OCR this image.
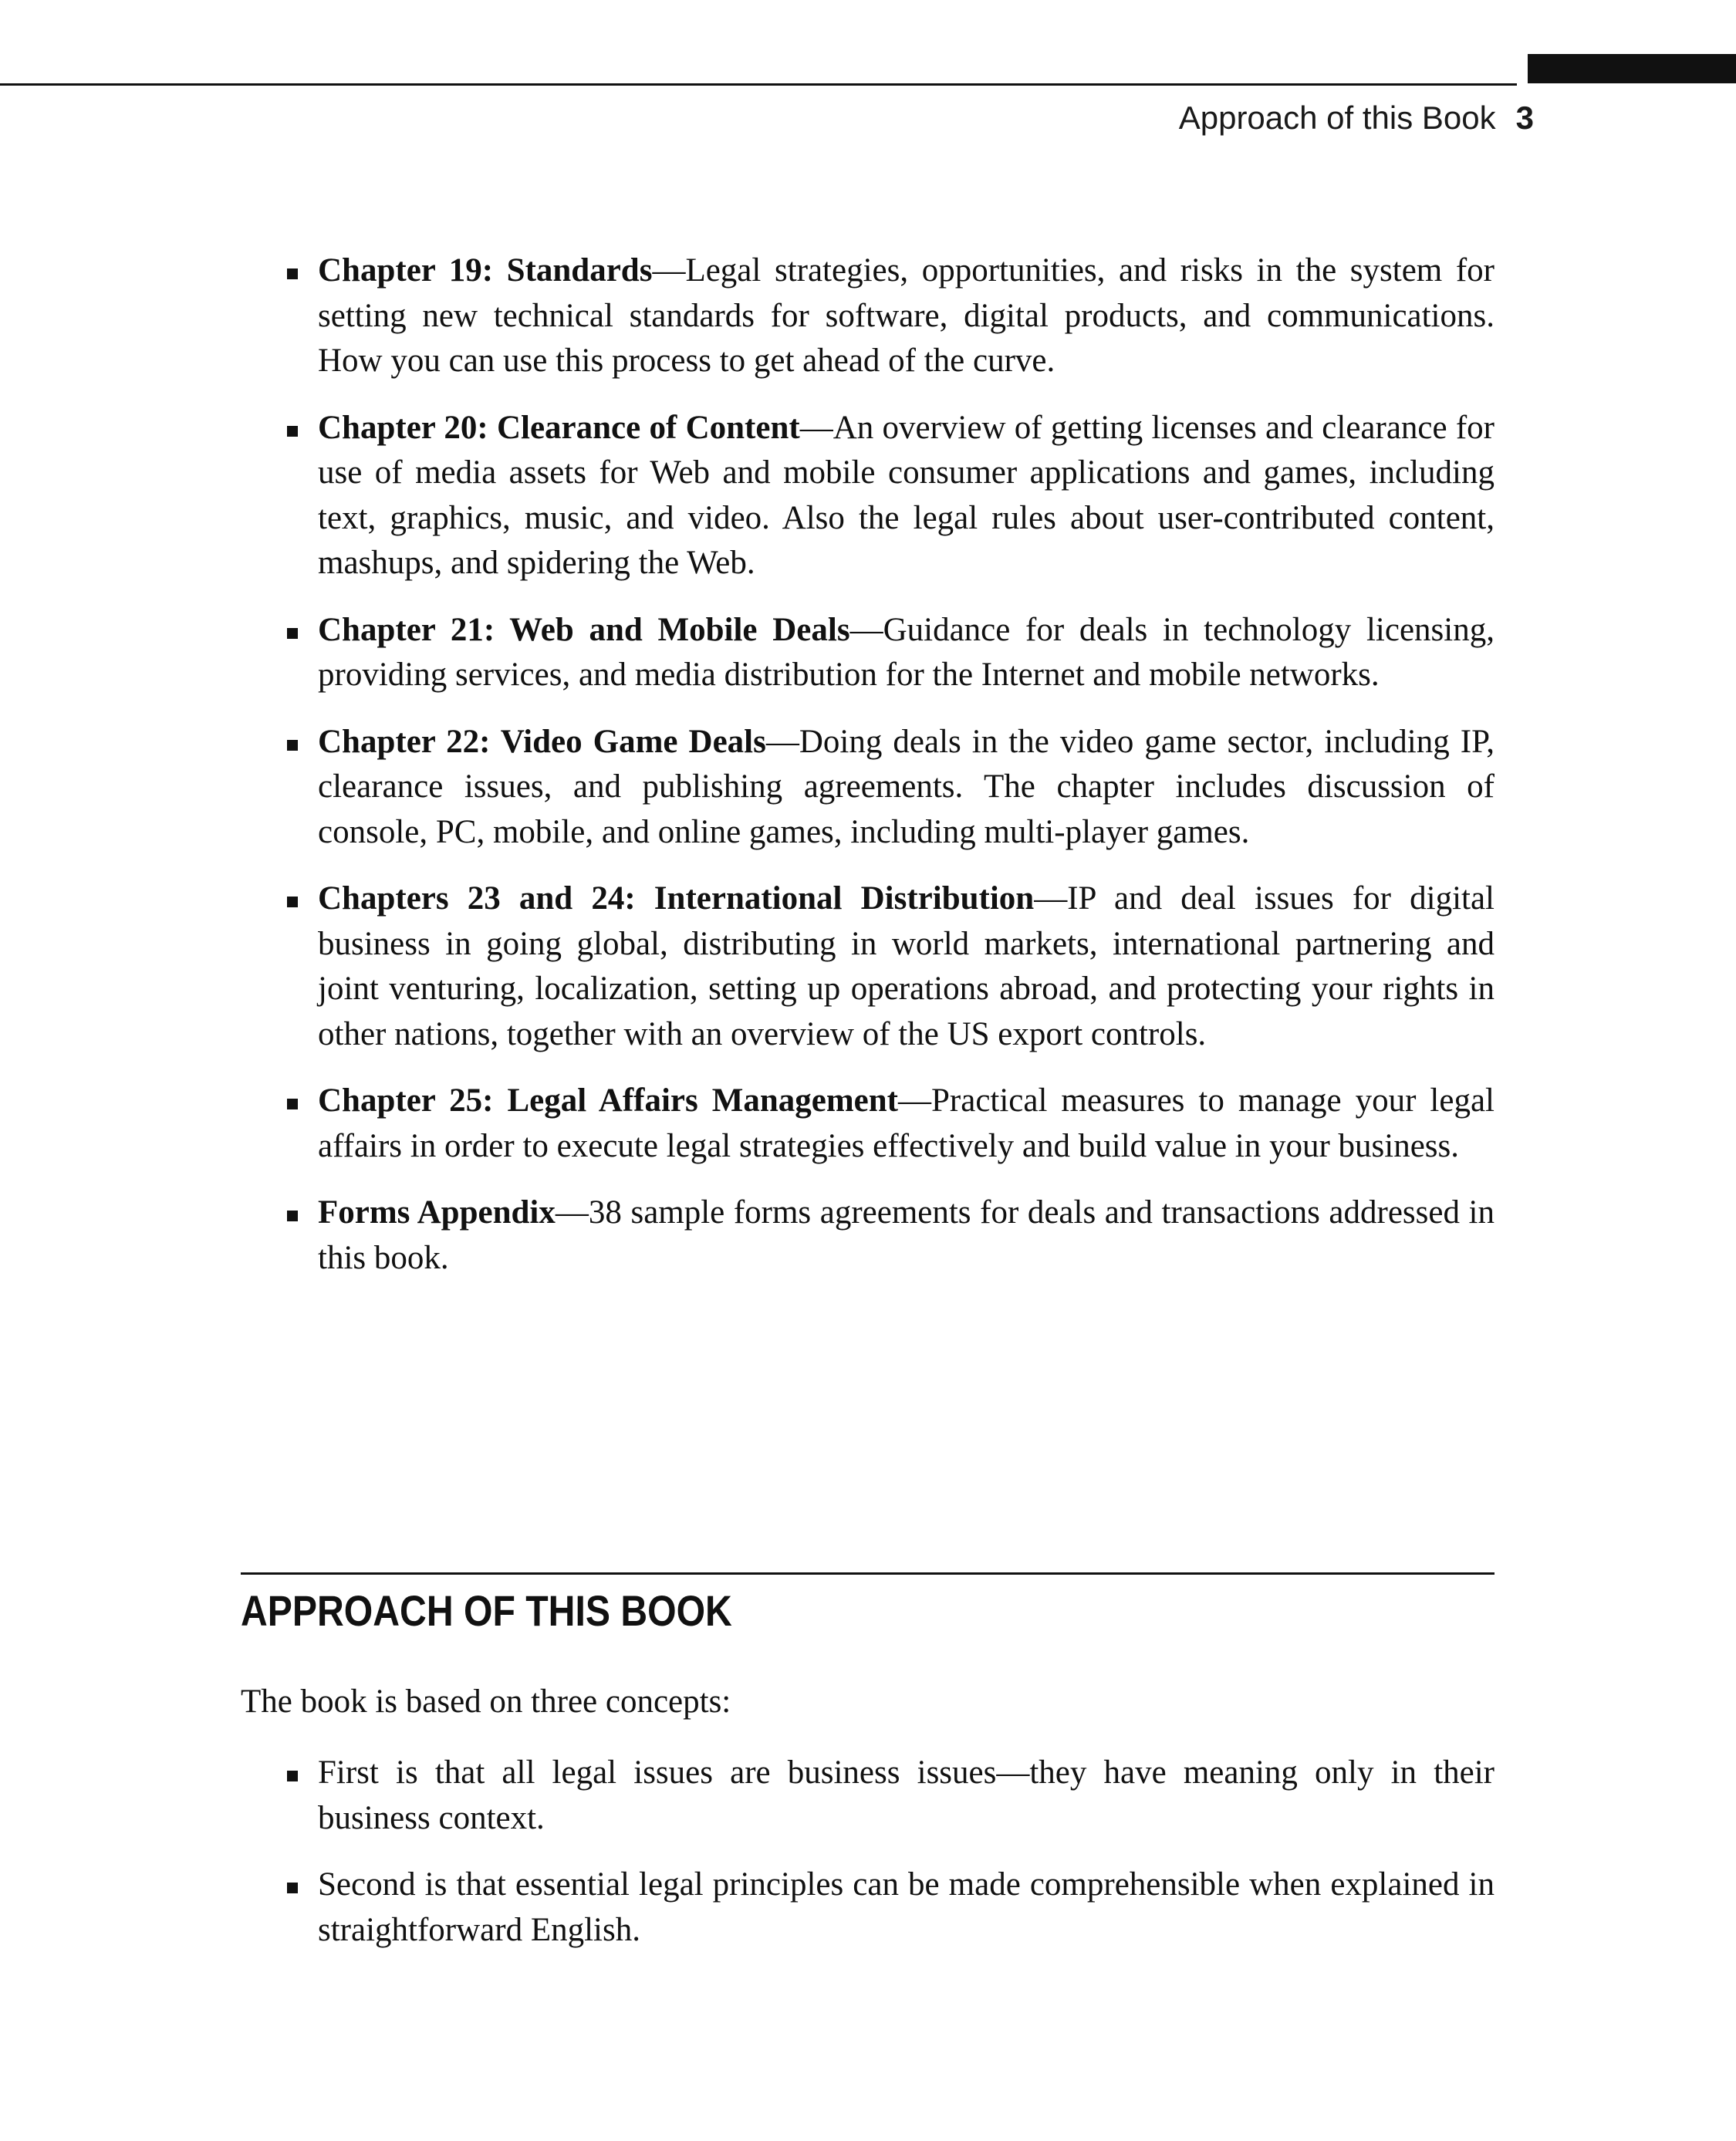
Approach of this Book 3
Chapter 19: Standards—Legal strategies, opportunities, and risks in the system for setting new technical standards for software, digital products, and communications. How you can use this process to get ahead of the curve.
Chapter 20: Clearance of Content—An overview of getting licenses and clearance for use of media assets for Web and mobile consumer applications and games, including text, graphics, music, and video. Also the legal rules about user-contributed content, mashups, and spidering the Web.
Chapter 21: Web and Mobile Deals—Guidance for deals in technology licensing, providing services, and media distribution for the Internet and mobile networks.
Chapter 22: Video Game Deals—Doing deals in the video game sector, including IP, clearance issues, and publishing agreements. The chapter includes discussion of console, PC, mobile, and online games, including multi-player games.
Chapters 23 and 24: International Distribution—IP and deal issues for digital business in going global, distributing in world markets, international partnering and joint venturing, localization, setting up operations abroad, and protecting your rights in other nations, together with an overview of the US export controls.
Chapter 25: Legal Affairs Management—Practical measures to manage your legal affairs in order to execute legal strategies effectively and build value in your business.
Forms Appendix—38 sample forms agreements for deals and transactions addressed in this book.
APPROACH OF THIS BOOK

The book is based on three concepts:

First is that all legal issues are business issues—they have meaning only in their business context.
Second is that essential legal principles can be made comprehensible when explained in straightforward English.
